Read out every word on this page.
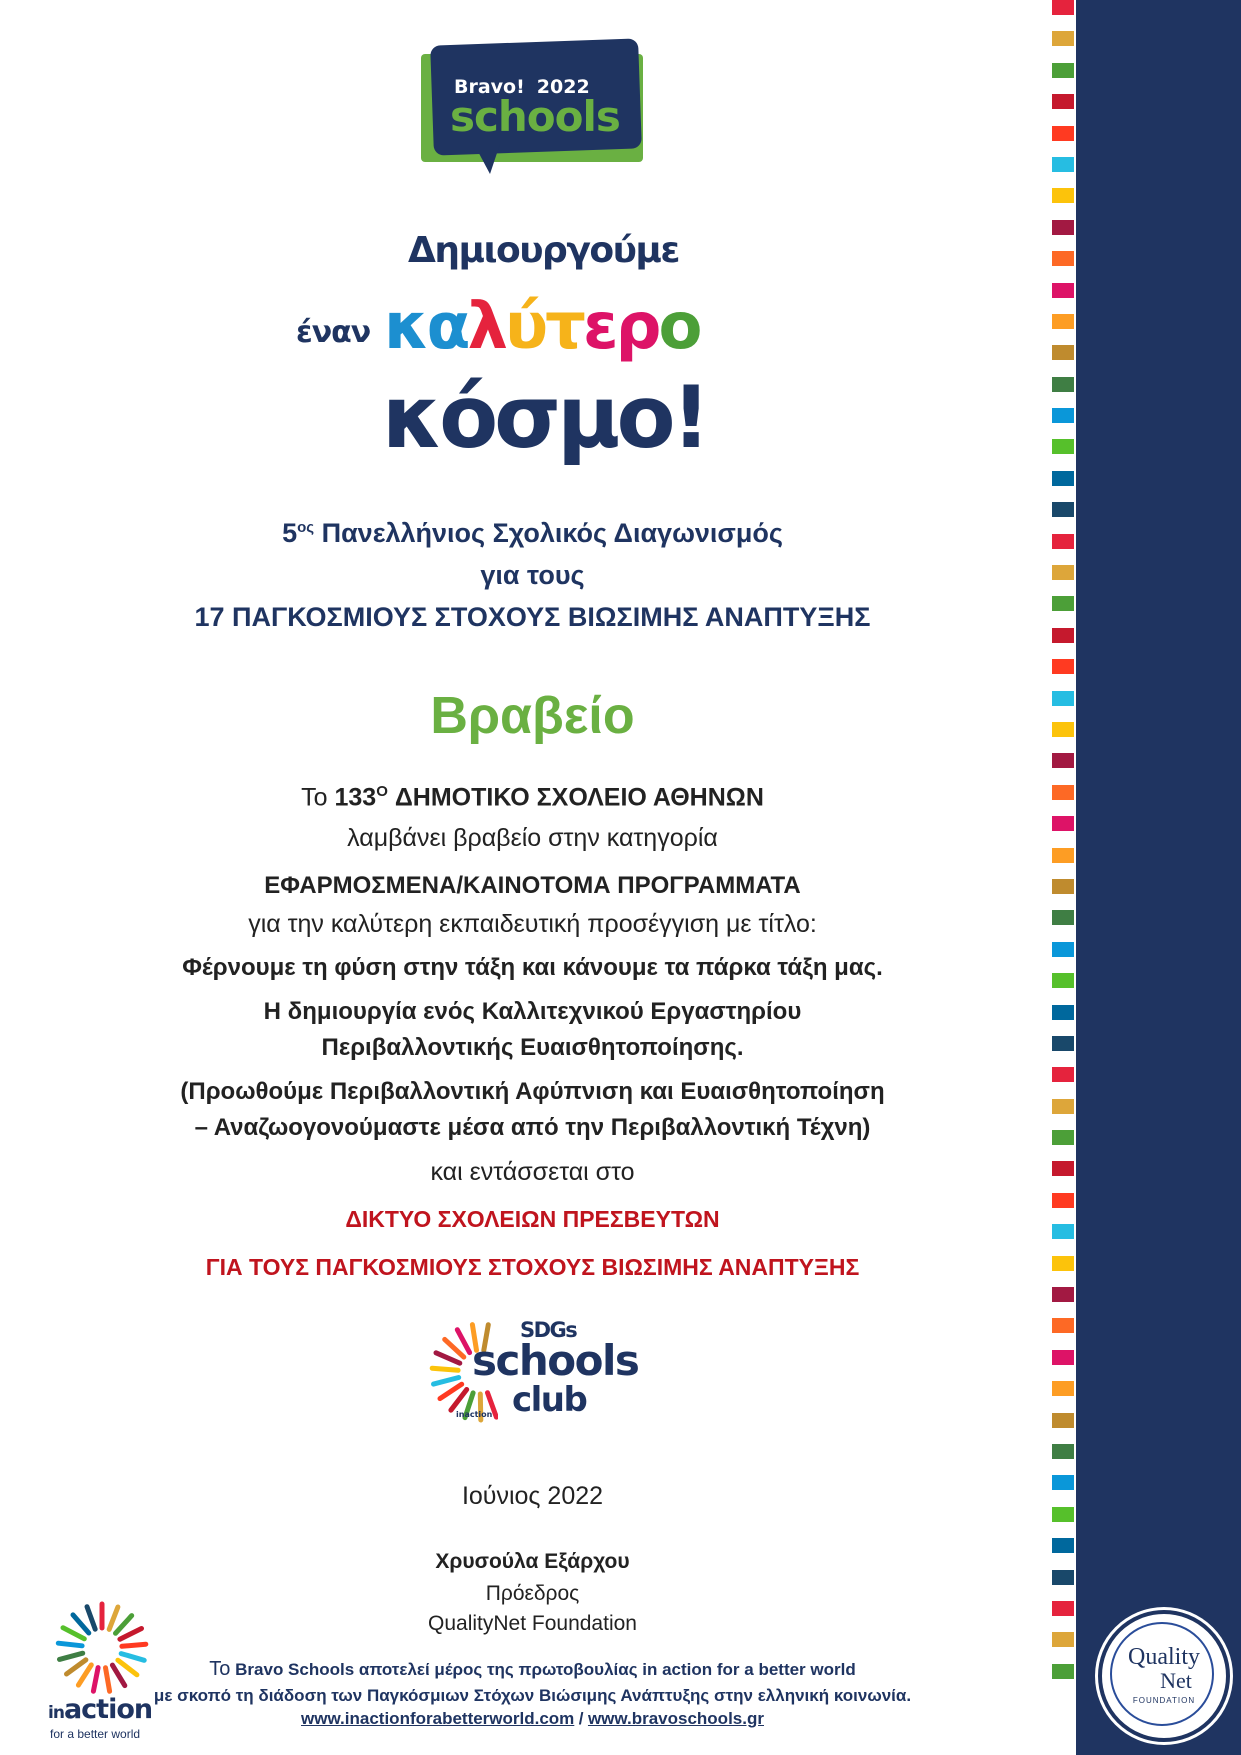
Bravo! 2022
schools
Δημιουργούμε
έναν καλύτερο
κόσμο!
$5^{o\varsigma}$ Πανελλήνιος Σχολικός Διαγωνισμός
για τους
17 ΠΑΓΚΟΣΜΙΟΥΣ ΣΤΟΧΟΥΣ ΒΙΩΣΙΜΗΣ ΑΝΑΠΤΥΞΗΣ
Βραβείο
Το $133^O$ ΔΗΜΟΤΙΚΟ ΣΧΟΛΕΙΟ ΑΘΗΝΩΝ
λαμβάνει βραβείο στην κατηγορία
ΕΦΑΡΜΟΣΜΕΝΑ/ΚΑΙΝΟΤΟΜΑ ΠΡΟΓΡΑΜΜΑΤΑ
για την καλύτερη εκπαιδευτική προσέγγιση με τίτλο:
Φέρνουμε τη φύση στην τάξη και κάνουμε τα πάρκα τάξη μας.
Η δημιουργία ενός Καλλιτεχνικού Εργαστηρίου
Περιβαλλοντικής Ευαισθητοποίησης.
(Προωθούμε Περιβαλλοντική Αφύπνιση και Ευαισθητοποίηση
– Αναζωογονούμαστε μέσα από την Περιβαλλοντική Τέχνη)
και εντάσσεται στο
ΔΙΚΤΥΟ ΣΧΟΛΕΙΩΝ ΠΡΕΣΒΕΥΤΩΝ
ΓΙΑ ΤΟΥΣ ΠΑΓΚΟΣΜΙΟΥΣ ΣΤΟΧΟΥΣ ΒΙΩΣΙΜΗΣ ΑΝΑΠΤΥΞΗΣ
SDGs
schools
club
inaction
Ιούνιος 2022
Χρυσούλα Εξάρχου
Πρόεδρος
QualityNet Foundation
Το Bravo Schools αποτελεί μέρος της πρωτοβουλίας in action for a better world
με σκοπό τη διάδοση των Παγκόσμιων Στόχων Βιώσιμης Ανάπτυξης στην ελληνική κοινωνία.
www.inactionforabetterworld.com / www.bravoschools.gr
inaction
for a better world
Quality
Net
FOUNDATION
